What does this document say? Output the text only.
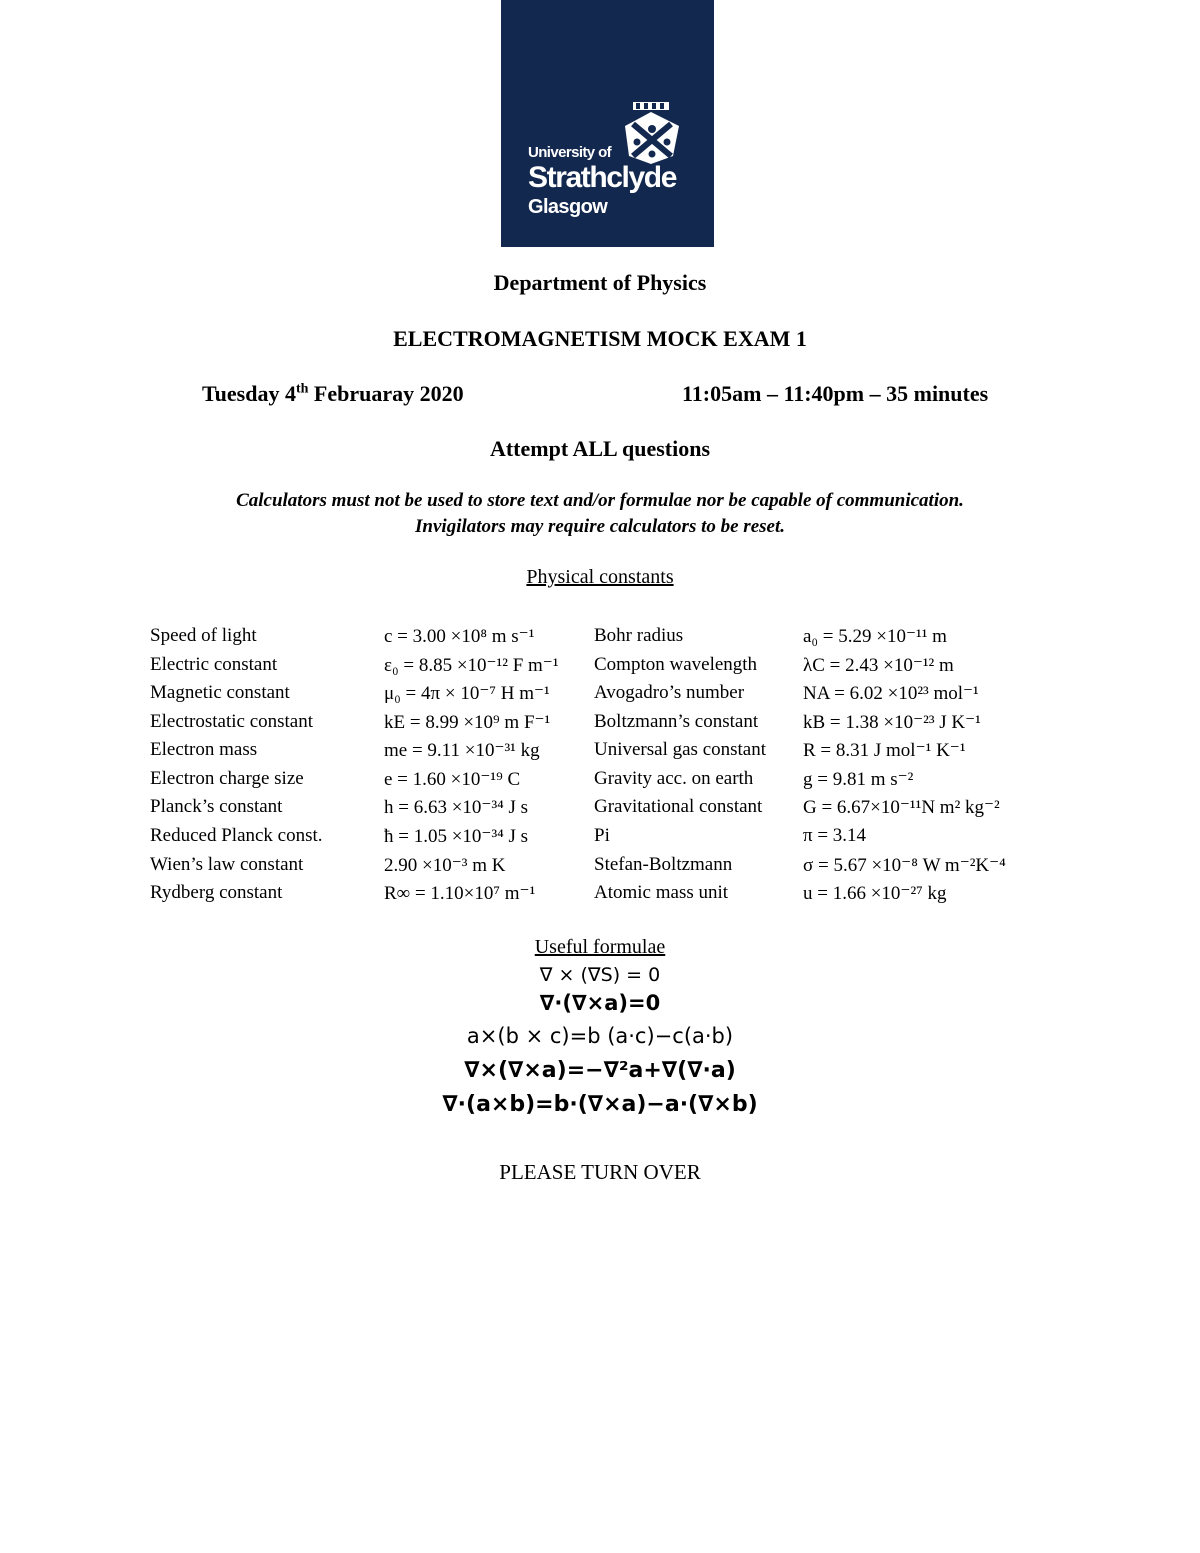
University of
Strathclyde
Glasgow
Department of Physics
ELECTROMAGNETISM MOCK EXAM 1
Tuesday 4th Februaray 2020	11:05am – 11:40pm – 35 minutes
Attempt ALL questions
Calculators must not be used to store text and/or formulae nor be capable of communication.
Invigilators may require calculators to be reset.
Physical constants
Speed of light	c = 3.00 ×10⁸ m s⁻¹	Bohr radius	a₀ = 5.29 ×10⁻¹¹ m
Electric constant	ε₀ = 8.85 ×10⁻¹² F m⁻¹ Compton wavelength λC = 2.43 ×10⁻¹² m
Magnetic constant	μ₀ = 4π × 10⁻⁷ H m⁻¹ Avogadro’s number	NA = 6.02 ×10²³ mol⁻¹
Electrostatic constant	kE = 8.99 ×10⁹ m F⁻¹ Boltzmann’s constant kB = 1.38 ×10⁻²³ J K⁻¹
Electron mass	me = 9.11 ×10⁻³¹ kg	Universal gas constant R = 8.31 J mol⁻¹ K⁻¹
Electron charge size	e = 1.60 ×10⁻¹⁹ C	Gravity acc. on earth	g = 9.81 m s⁻²
Planck’s constant	h = 6.63 ×10⁻³⁴ J s	Gravitational constant G = 6.67×10⁻¹¹N m² kg⁻²
Reduced Planck const.	ħ = 1.05 ×10⁻³⁴ J s	Pi	π = 3.14
Wien’s law constant	2.90 ×10⁻³ m K	Stefan-Boltzmann	σ = 5.67 ×10⁻⁸ W m⁻²K⁻⁴
Rydberg constant	R∞ = 1.10×10⁷ m⁻¹	Atomic mass unit	u = 1.66 ×10⁻²⁷ kg
Useful formulae
∇ × (∇S) = 0
∇·(∇×a)=0
a×(b × c)=b (a·c)−c(a·b)
∇×(∇×a)=−∇²a+∇(∇·a)
∇·(a×b)=b·(∇×a)−a·(∇×b)
PLEASE TURN OVER
